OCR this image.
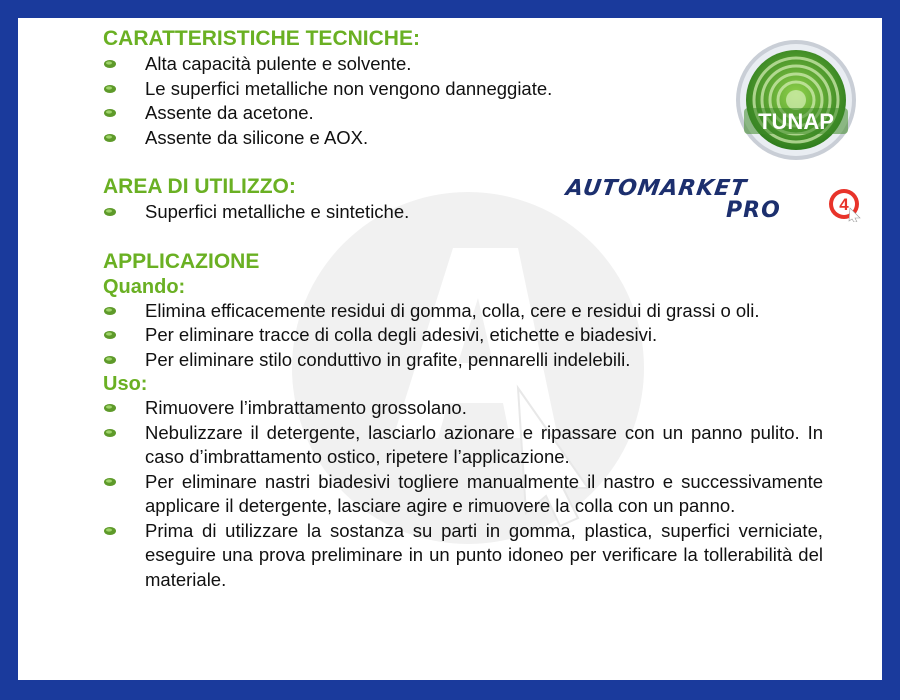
CARATTERISTICHE TECNICHE:
Alta capacità pulente e solvente.
Le superfici metalliche non vengono danneggiate.
Assente da acetone.
Assente da silicone e AOX.
AREA DI UTILIZZO:
Superfici metalliche e sintetiche.
APPLICAZIONE
Quando:
Elimina efficacemente residui di gomma, colla, cere e residui di grassi o oli.
Per eliminare tracce di colla degli adesivi, etichette e biadesivi.
Per eliminare stilo conduttivo in grafite, pennarelli indelebili.
Uso:
Rimuovere l’imbrattamento grossolano.
Nebulizzare il detergente, lasciarlo azionare e ripassare con un panno pulito. In caso d’imbrattamento ostico, ripetere l’applicazione.
Per eliminare nastri biadesivi togliere manualmente il nastro e successivamente applicare il detergente, lasciare agire e rimuovere la colla con un panno.
Prima di utilizzare la sostanza su parti in gomma, plastica, superfici verniciate, eseguire una prova preliminare in un punto idoneo per verificare la tollerabilità del materiale.
TUNAP
AUTOMARKET
PRO	4
